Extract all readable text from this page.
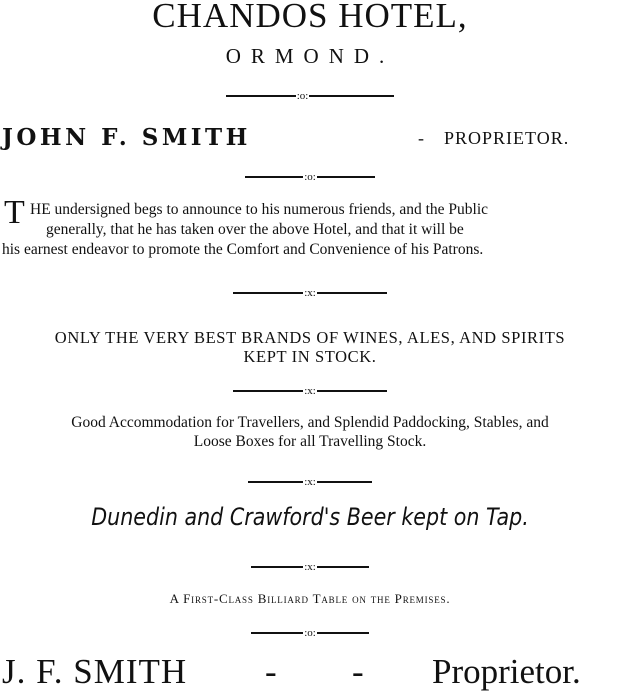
CHANDOS HOTEL,
ORMOND.
:o:
JOHN F. SMITH	- PROPRIETOR.
:o:
T HE undersigned begs to announce to his numerous friends, and the Public
generally, that he has taken over the above Hotel, and that it will be
his earnest endeavor to promote the Comfort and Convenience of his Patrons.
:x:
ONLY THE VERY BEST BRANDS OF WINES, ALES, AND SPIRITS
KEPT IN STOCK.
:x:
Good Accommodation for Travellers, and Splendid Paddocking, Stables, and
Loose Boxes for all Travelling Stock.
:x:
Dunedin and Crawford's Beer kept on Tap.
:x:
A First-Class Billiard Table on the Premises.
:o:
J. F. SMITH - - Proprietor.
